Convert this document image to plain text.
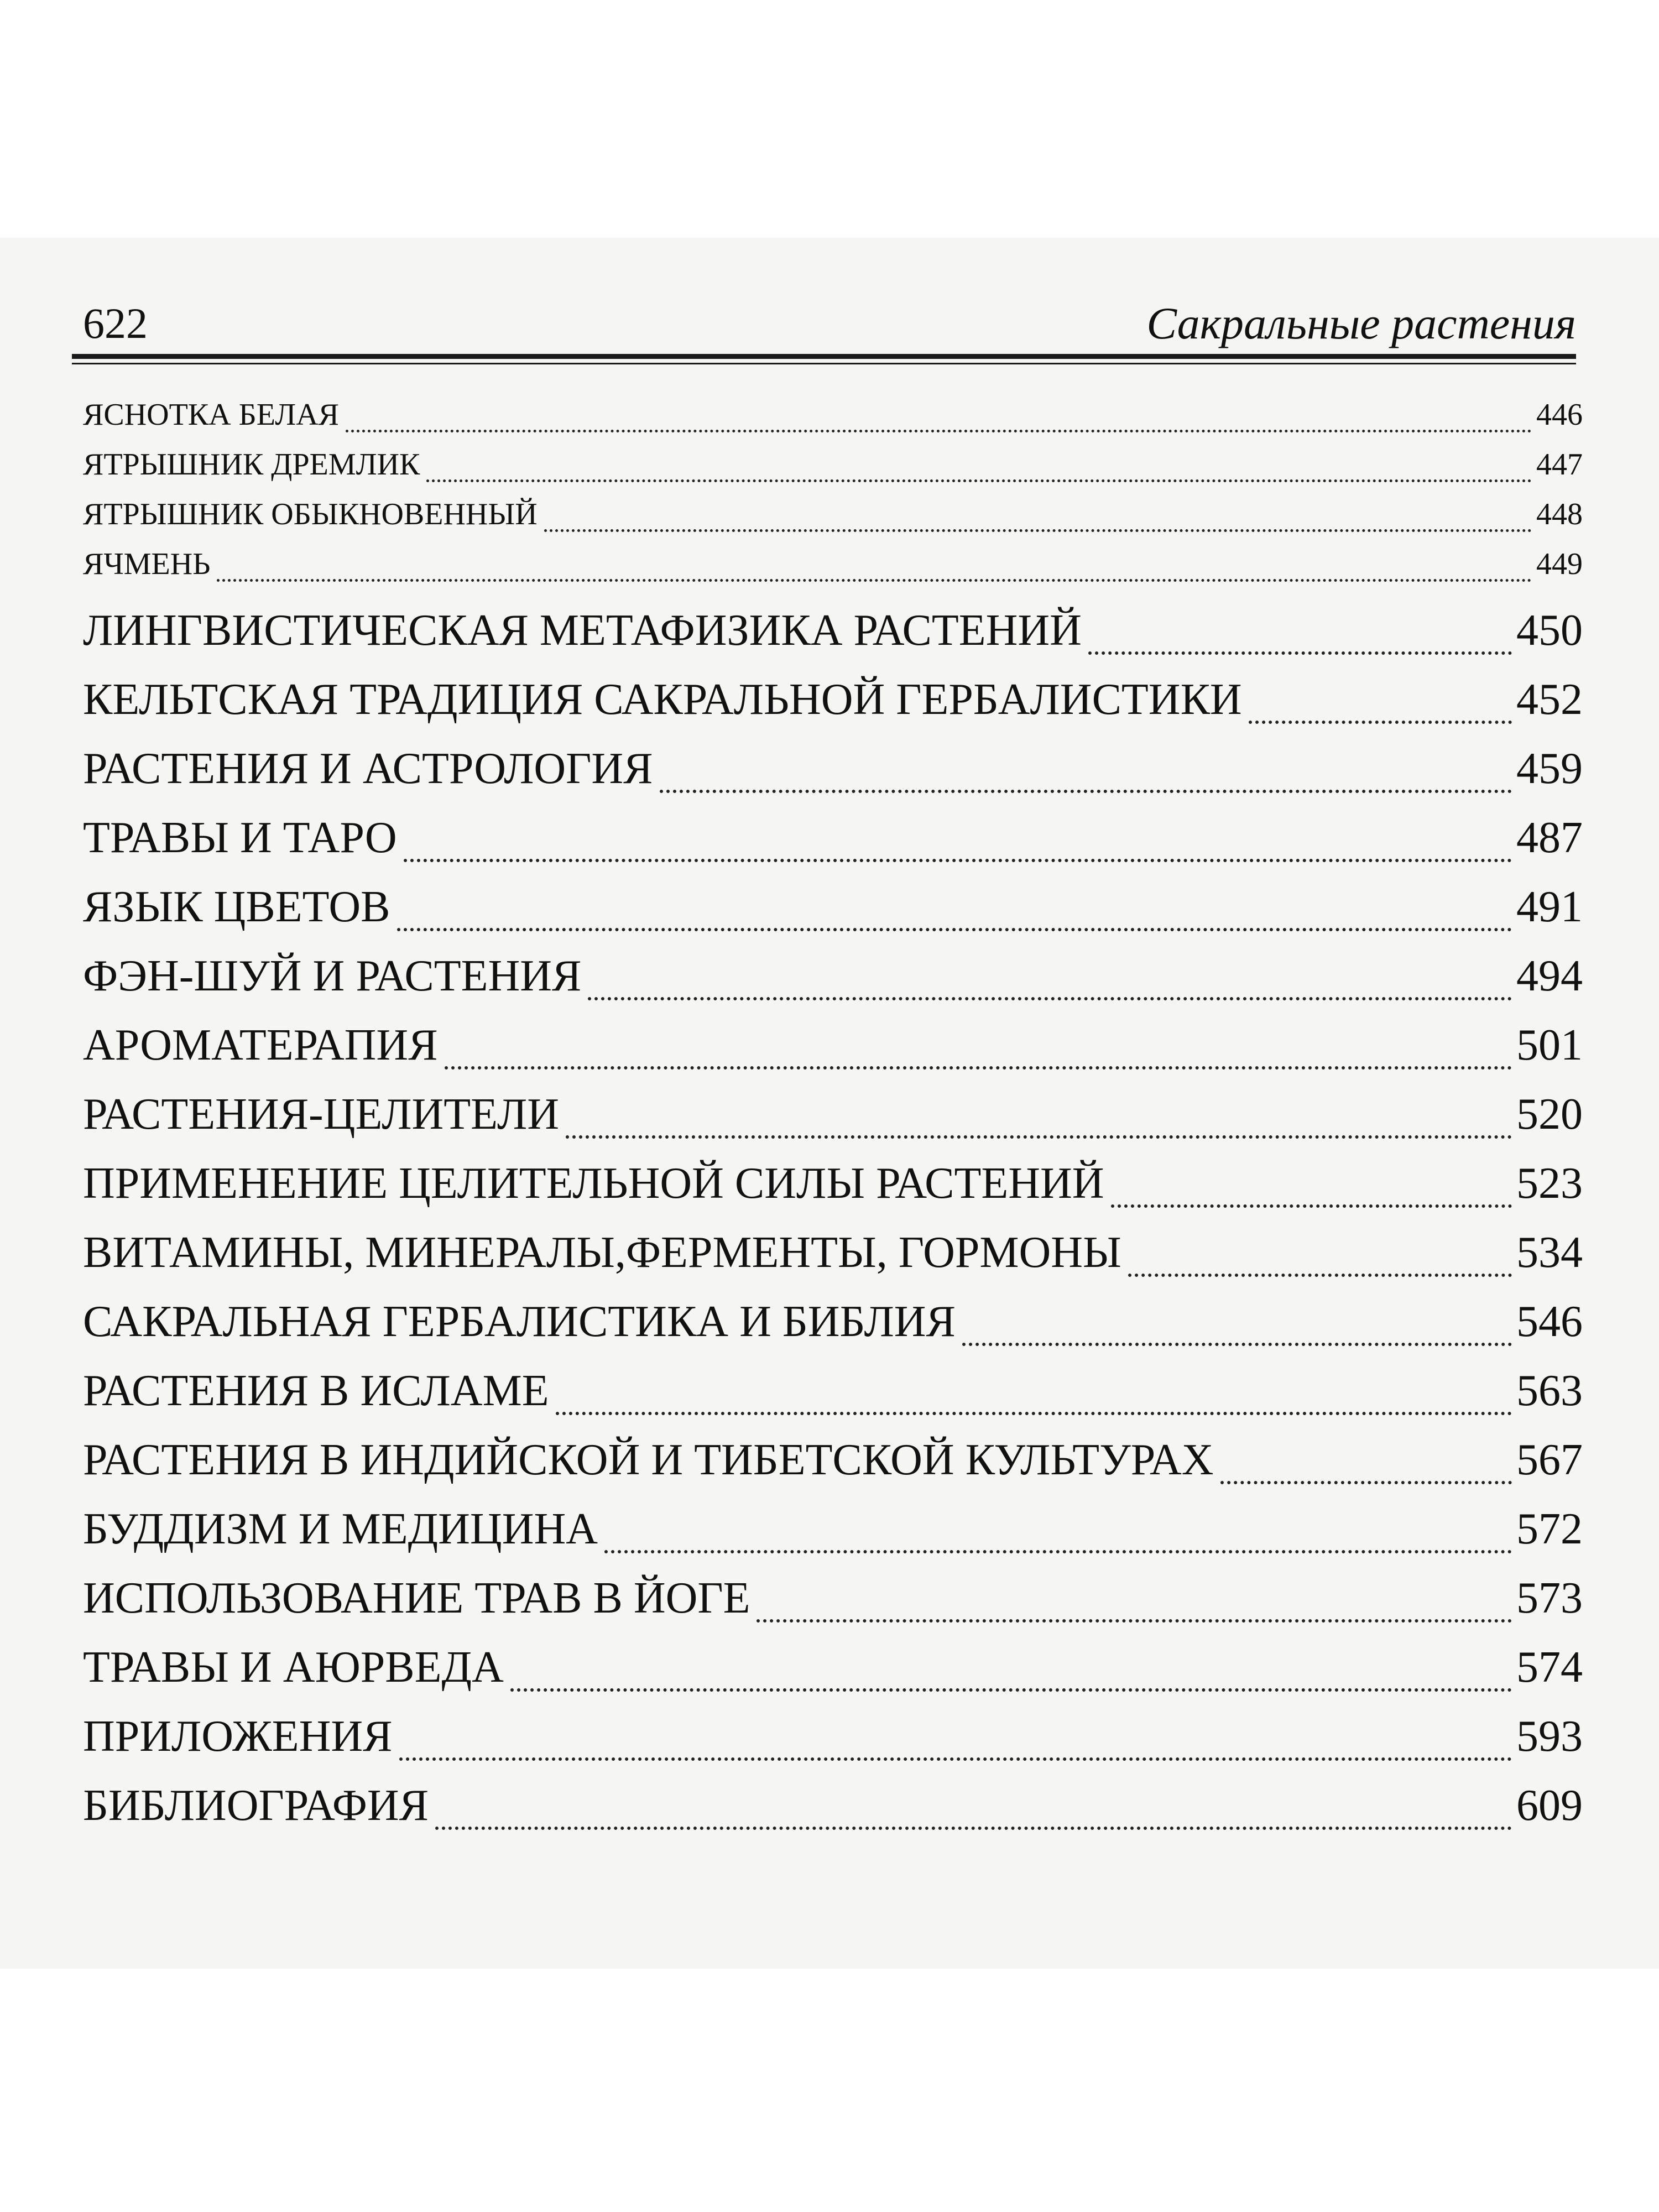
622	Сакральные растения
ЯСНОТКА БЕЛАЯ	446
ЯТРЫШНИК ДРЕМЛИК	447
ЯТРЫШНИК ОБЫКНОВЕННЫЙ	448
ЯЧМЕНЬ	449
ЛИНГВИСТИЧЕСКАЯ МЕТАФИЗИКА РАСТЕНИЙ	450
КЕЛЬТСКАЯ ТРАДИЦИЯ САКРАЛЬНОЙ ГЕРБАЛИСТИКИ	452
РАСТЕНИЯ И АСТРОЛОГИЯ	459
ТРАВЫ И ТАРО	487
ЯЗЫК ЦВЕТОВ	491
ФЭН-ШУЙ И РАСТЕНИЯ	494
АРОМАТЕРАПИЯ	501
РАСТЕНИЯ-ЦЕЛИТЕЛИ	520
ПРИМЕНЕНИЕ ЦЕЛИТЕЛЬНОЙ СИЛЫ РАСТЕНИЙ	523
ВИТАМИНЫ, МИНЕРАЛЫ,ФЕРМЕНТЫ, ГОРМОНЫ	534
САКРАЛЬНАЯ ГЕРБАЛИСТИКА И БИБЛИЯ	546
РАСТЕНИЯ В ИСЛАМЕ	563
РАСТЕНИЯ В ИНДИЙСКОЙ И ТИБЕТСКОЙ КУЛЬТУРАХ	567
БУДДИЗМ И МЕДИЦИНА	572
ИСПОЛЬЗОВАНИЕ ТРАВ В ЙОГЕ	573
ТРАВЫ И АЮРВЕДА	574
ПРИЛОЖЕНИЯ	593
БИБЛИОГРАФИЯ	609
